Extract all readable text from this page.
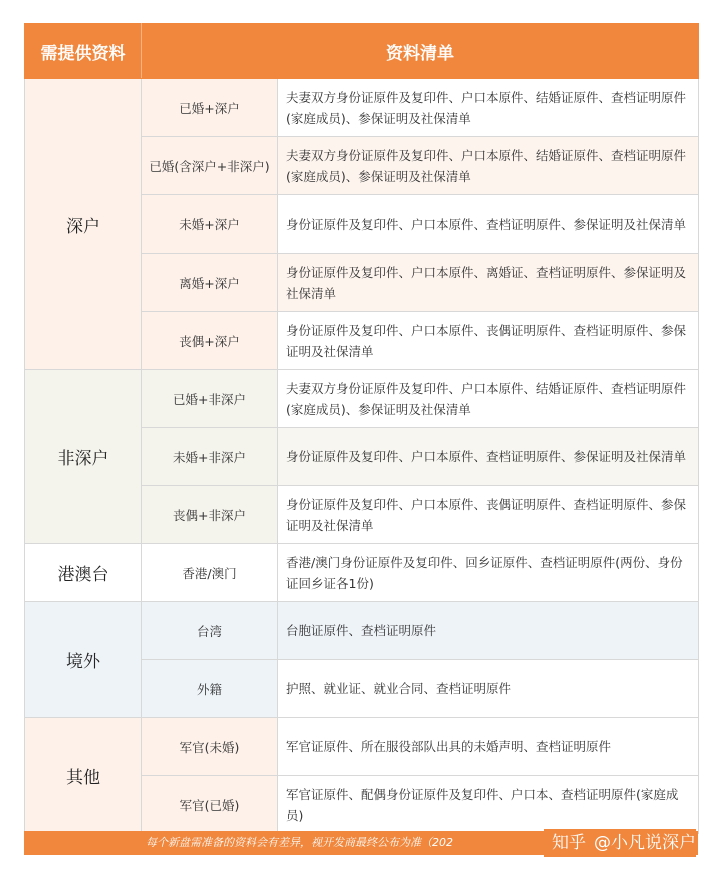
需提供资料	资料清单	
深户	已婚+深户	夫妻双方身份证原件及复印件、户口本原件、结婚证原件、查档证明原件(家庭成员)、参保证明及社保清单
	已婚(含深户+非深户)	夫妻双方身份证原件及复印件、户口本原件、结婚证原件、查档证明原件(家庭成员)、参保证明及社保清单
	未婚+深户	身份证原件及复印件、户口本原件、查档证明原件、参保证明及社保清单
	离婚+深户	身份证原件及复印件、户口本原件、离婚证、查档证明原件、参保证明及社保清单
	丧偶+深户	身份证原件及复印件、户口本原件、丧偶证明原件、查档证明原件、参保证明及社保清单
非深户	已婚+非深户	夫妻双方身份证原件及复印件、户口本原件、结婚证原件、查档证明原件(家庭成员)、参保证明及社保清单
	未婚+非深户	身份证原件及复印件、户口本原件、查档证明原件、参保证明及社保清单
	丧偶+非深户	身份证原件及复印件、户口本原件、丧偶证明原件、查档证明原件、参保证明及社保清单
港澳台	香港/澳门	香港/澳门身份证原件及复印件、回乡证原件、查档证明原件(两份、身份证回乡证各1份)
境外	台湾	台胞证原件、查档证明原件
	外籍	护照、就业证、就业合同、查档证明原件
其他	军官(未婚)	军官证原件、所在服役部队出具的未婚声明、查档证明原件
	军官(已婚)	军官证原件、配偶身份证原件及复印件、户口本、查档证明原件(家庭成员)
每个新盘需准备的资料会有差异，视开发商最终公布为准（202	知乎 @小凡说深户
